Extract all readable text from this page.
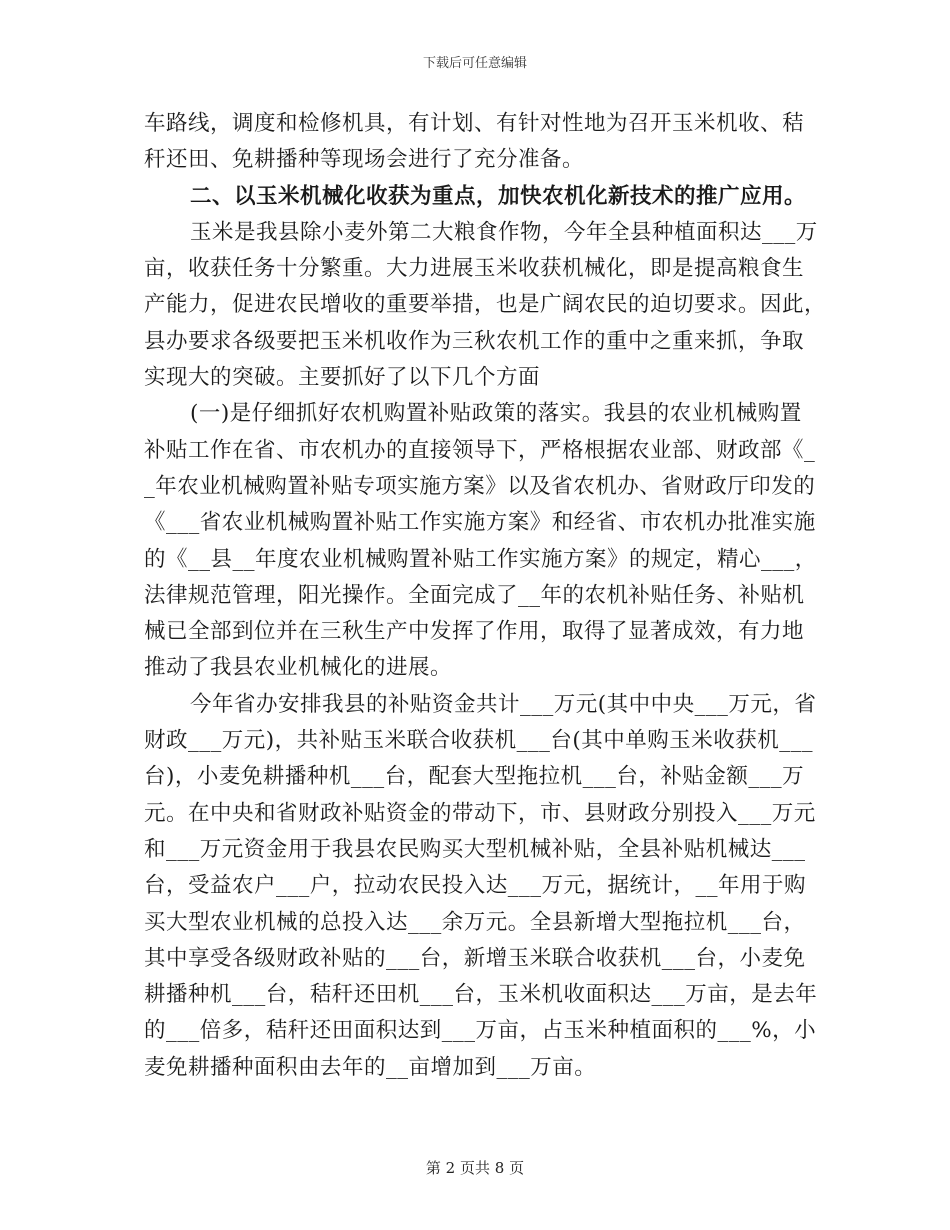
下载后可任意编辑
车路线，调度和检修机具，有计划、有针对性地为召开玉米机收、秸
秆还田、免耕播种等现场会进行了充分准备。
二、以玉米机械化收获为重点，加快农机化新技术的推广应用。
玉米是我县除小麦外第二大粮食作物，今年全县种植面积达___万
亩，收获任务十分繁重。大力进展玉米收获机械化，即是提高粮食生
产能力，促进农民增收的重要举措，也是广阔农民的迫切要求。因此，
县办要求各级要把玉米机收作为三秋农机工作的重中之重来抓，争取
实现大的突破。主要抓好了以下几个方面
(一)是仔细抓好农机购置补贴政策的落实。我县的农业机械购置
补贴工作在省、市农机办的直接领导下，严格根据农业部、财政部《_
_年农业机械购置补贴专项实施方案》以及省农机办、省财政厅印发的
《___省农业机械购置补贴工作实施方案》和经省、市农机办批准实施
的《__县__年度农业机械购置补贴工作实施方案》的规定，精心___，
法律规范管理，阳光操作。全面完成了__年的农机补贴任务、补贴机
械已全部到位并在三秋生产中发挥了作用，取得了显著成效，有力地
推动了我县农业机械化的进展。
今年省办安排我县的补贴资金共计___万元(其中中央___万元，省
财政___万元)，共补贴玉米联合收获机___台(其中单购玉米收获机___
台)，小麦免耕播种机___台，配套大型拖拉机___台，补贴金额___万
元。在中央和省财政补贴资金的带动下，市、县财政分别投入___万元
和___万元资金用于我县农民购买大型机械补贴，全县补贴机械达___
台，受益农户___户，拉动农民投入达___万元，据统计，__年用于购
买大型农业机械的总投入达___余万元。全县新增大型拖拉机___台，
其中享受各级财政补贴的___台，新增玉米联合收获机___台，小麦免
耕播种机___台，秸秆还田机___台，玉米机收面积达___万亩，是去年
的___倍多，秸秆还田面积达到___万亩，占玉米种植面积的___%，小
麦免耕播种面积由去年的__亩增加到___万亩。
第 2 页共 8 页
